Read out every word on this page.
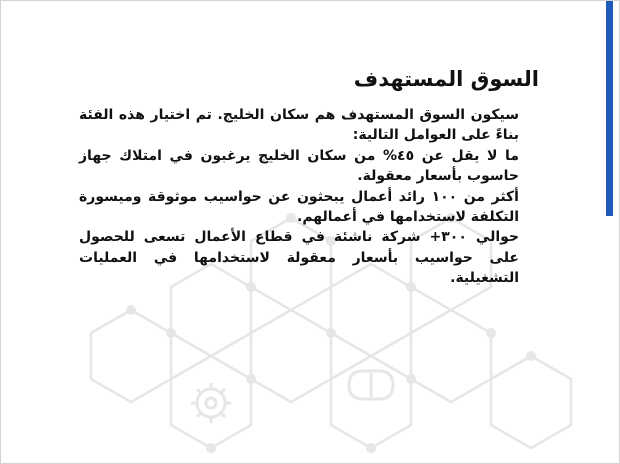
السوق المستهدف

سيكون السوق المستهدف هم سكان الخليج. تم اختيار هذه الفئة بناءً على العوامل التالية:

ما لا يقل عن ٤٥% من سكان الخليج يرغبون في امتلاك جهاز حاسوب بأسعار معقولة.

أكثر من ١٠٠ رائد أعمال يبحثون عن حواسيب موثوقة وميسورة التكلفة لاستخدامها في أعمالهم.

حوالي ٣٠٠+ شركة ناشئة في قطاع الأعمال تسعى للحصول على حواسيب بأسعار معقولة لاستخدامها في العمليات التشغيلية.
